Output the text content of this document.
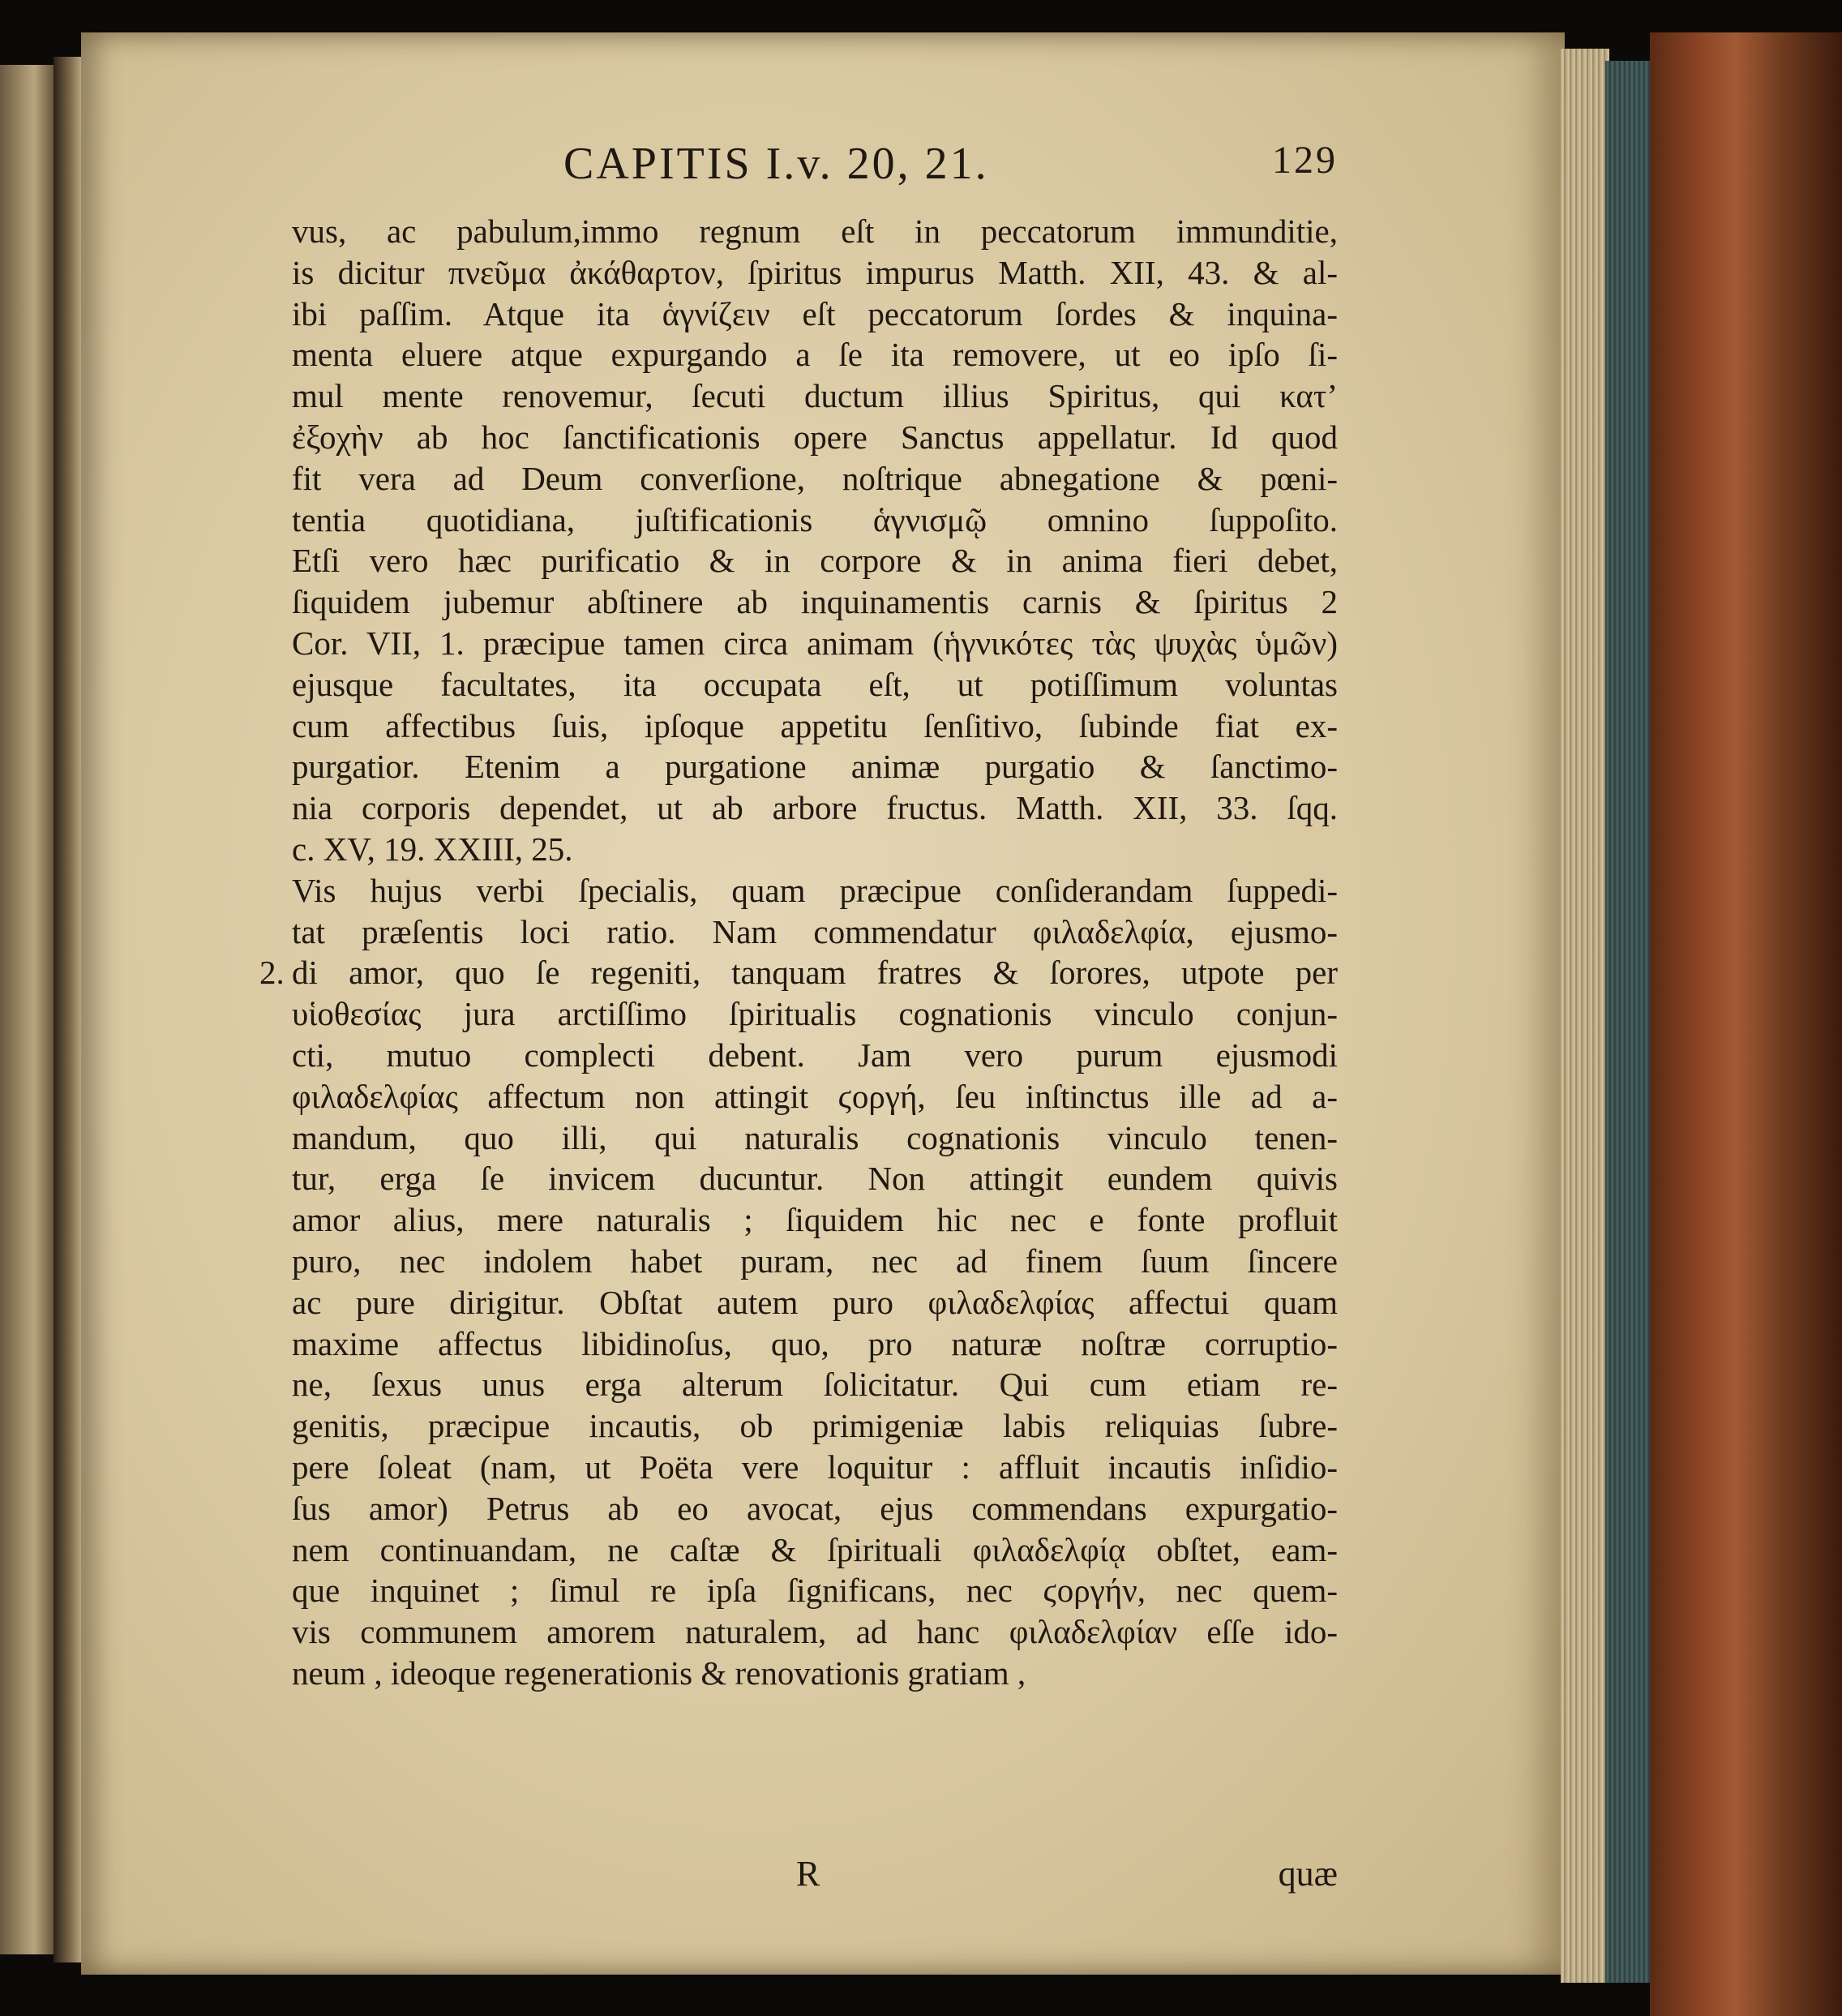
CAPITIS I.v. 20, 21.	129
vus, ac pabulum,immo regnum eſt in peccatorum immunditie,
is dicitur πνεῦμα ἀκάθαρτον, ſpiritus impurus Matth. XII, 43. & al-
ibi paſſim. Atque ita ἁγνίζειν eſt peccatorum ſordes & inquina-
menta eluere atque expurgando a ſe ita removere, ut eo ipſo ſi-
mul mente renovemur, ſecuti ductum illius Spiritus, qui κατ’
ἐξοχὴν ab hoc ſanctificationis opere Sanctus appellatur. Id quod
fit vera ad Deum converſione, noſtrique abnegatione & pœni-
tentia quotidiana, juſtificationis ἁγνισμῷ omnino ſuppoſito.
Etſi vero hæc purificatio & in corpore & in anima fieri debet,
ſiquidem jubemur abſtinere ab inquinamentis carnis & ſpiritus 2
Cor. VII, 1. præcipue tamen circa animam (ἡγνικότες τὰς ψυχὰς ὑμῶν)
ejusque facultates, ita occupata eſt, ut potiſſimum voluntas
cum affectibus ſuis, ipſoque appetitu ſenſitivo, ſubinde fiat ex-
purgatior. Etenim a purgatione animæ purgatio & ſanctimo-
nia corporis dependet, ut ab arbore fructus. Matth. XII, 33. ſqq.
c. XV, 19. XXIII, 25.
Vis hujus verbi ſpecialis, quam præcipue conſiderandam ſuppedi-
tat præſentis loci ratio. Nam commendatur φιλαδελφία, ejusmo-
di amor, quo ſe regeniti, tanquam fratres & ſorores, utpote per
υἱοθεσίας jura arctiſſimo ſpiritualis cognationis vinculo conjun-
cti, mutuo complecti debent. Jam vero purum ejusmodi
φιλαδελφίας affectum non attingit ϛοργή, ſeu inſtinctus ille ad a-
mandum, quo illi, qui naturalis cognationis vinculo tenen-
tur, erga ſe invicem ducuntur. Non attingit eundem quivis
amor alius, mere naturalis ; ſiquidem hic nec e fonte profluit
puro, nec indolem habet puram, nec ad finem ſuum ſincere
ac pure dirigitur. Obſtat autem puro φιλαδελφίας affectui quam
maxime affectus libidinoſus, quo, pro naturæ noſtræ corruptio-
ne, ſexus unus erga alterum ſolicitatur. Qui cum etiam re-
genitis, præcipue incautis, ob primigeniæ labis reliquias ſubre-
pere ſoleat (nam, ut Poëta vere loquitur : affluit incautis inſidio-
ſus amor) Petrus ab eo avocat, ejus commendans expurgatio-
nem continuandam, ne caſtæ & ſpirituali φιλαδελφίᾳ obſtet, eam-
que inquinet ; ſimul re ipſa ſignificans, nec ϛοργήν, nec quem-
vis communem amorem naturalem, ad hanc φιλαδελφίαν eſſe ido-
neum , ideoque regenerationis & renovationis gratiam ,
2.
R	quæ
